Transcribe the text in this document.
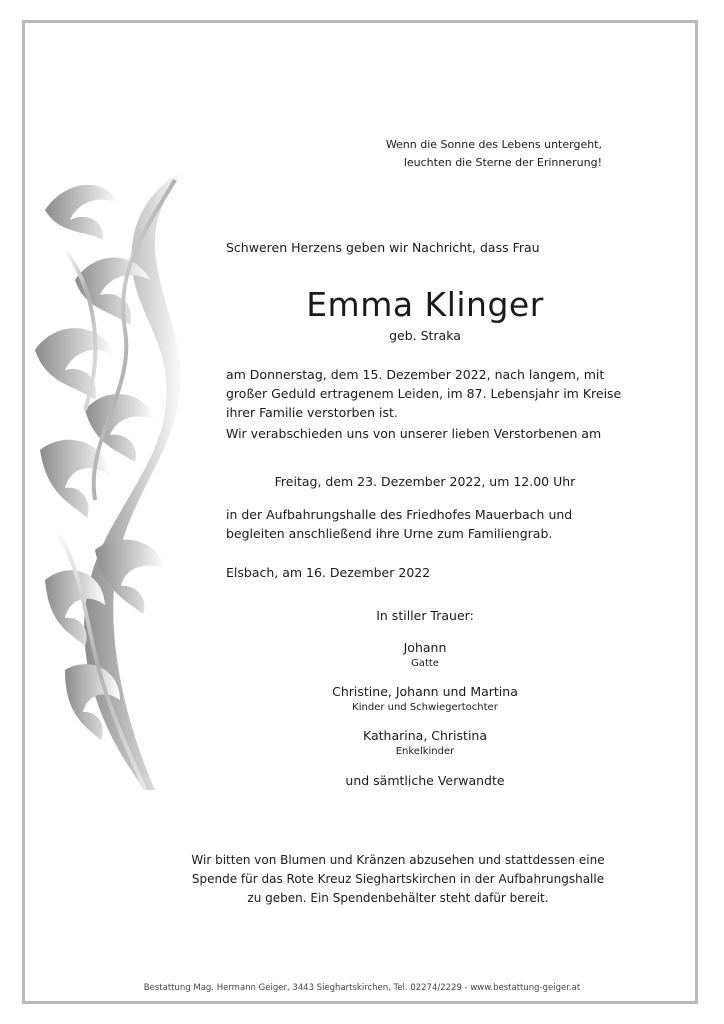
Wenn die Sonne des Lebens untergeht,
leuchten die Sterne der Erinnerung!
Schweren Herzens geben wir Nachricht, dass Frau
Emma Klinger
geb. Straka
am Donnerstag, dem 15. Dezember 2022, nach langem, mit großer Geduld ertragenem Leiden, im 87. Lebensjahr im Kreise ihrer Familie verstorben ist.
Wir verabschieden uns von unserer lieben Verstorbenen am
Freitag, dem 23. Dezember 2022, um 12.00 Uhr
in der Aufbahrungshalle des Friedhofes Mauerbach und begleiten anschließend ihre Urne zum Familiengrab.
Elsbach, am 16. Dezember 2022
In stiller Trauer:
Johann
Gatte
Christine, Johann und Martina
Kinder und Schwiegertochter
Katharina, Christina
Enkelkinder
und sämtliche Verwandte
Wir bitten von Blumen und Kränzen abzusehen und stattdessen eine
Spende für das Rote Kreuz Sieghartskirchen in der Aufbahrungshalle
zu geben. Ein Spendenbehälter steht dafür bereit.
Bestattung Mag. Hermann Geiger, 3443 Sieghartskirchen, Tel. 02274/2229 - www.bestattung-geiger.at
